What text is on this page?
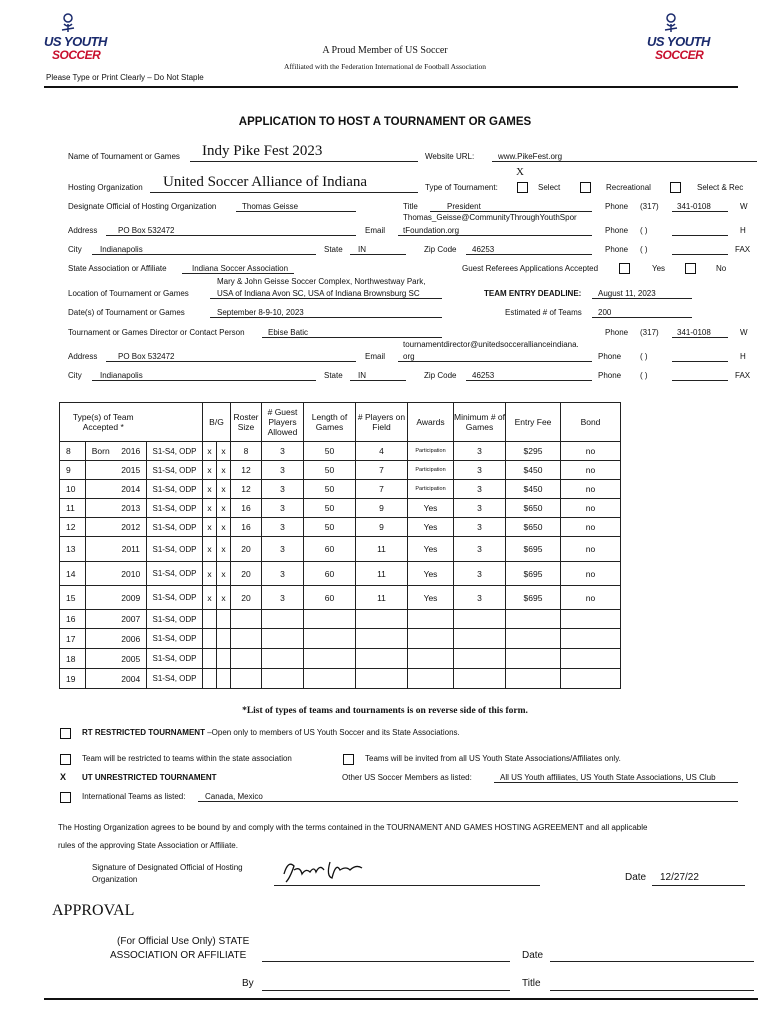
US YOUTH
SOCCER
US YOUTH
SOCCER
A Proud Member of US Soccer
Affiliated with the Federation International de Football Association
Please Type or Print Clearly – Do Not Staple
APPLICATION TO HOST A TOURNAMENT OR GAMES
Name of Tournament or Games Indy Pike Fest 2023	Website URL:	www.PikeFest.org
Hosting Organization United Soccer Alliance of Indiana	Type of Tournament:
X
Select	Recreational	Select & Rec
Designate Official of Hosting Organization	Thomas Geisse	Title	President	Phone (317) 341-0108	W
Thomas_Geisse@CommunityThroughYouthSpor
Address	PO Box 532472	Email tFoundation.org	Phone ( )	H
City Indianapolis	State IN	Zip Code 46253	Phone ( )	FAX
State Association or Affiliate	Indiana Soccer Association	Guest Referees Applications Accepted	Yes	No
Mary & John Geisse Soccer Complex, Northwestway Park,
Location of Tournament or Games	USA of Indiana Avon SC, USA of Indiana Brownsburg SC	TEAM ENTRY DEADLINE: August 11, 2023
Date(s) of Tournament or Games	September 8-9-10, 2023	Estimated # of Teams 200
Tournament or Games Director or Contact Person	Ebise Batic	Phone (317) 341-0108	W
tournamentdirector@unitedsoccerallianceindiana.
Address	PO Box 532472	Email org	Phone ( )	H
City Indianapolis	State IN	Zip Code 46253	Phone ( )	FAX
Type(s) of Team Accepted *				B/G		Roster Size	# Guest Players Allowed	Length of Games	# Players on Field	Awards	Minimum # of Games	Entry Fee	Bond
8	Born	2016	S1-S4, ODP	x	x	8	3	50	4	Participation	3	$295	no
9		2015	S1-S4, ODP	x	x	12	3	50	7	Participation	3	$450	no
10		2014	S1-S4, ODP	x	x	12	3	50	7	Participation	3	$450	no
11		2013	S1-S4, ODP	x	x	16	3	50	9	Yes	3	$650	no
12		2012	S1-S4, ODP	x	x	16	3	50	9	Yes	3	$650	no
13		2011	S1-S4, ODP	x	x	20	3	60	11	Yes	3	$695	no
14		2010	S1-S4, ODP	x	x	20	3	60	11	Yes	3	$695	no
15		2009	S1-S4, ODP	x	x	20	3	60	11	Yes	3	$695	no
16		2007	S1-S4, ODP										
17		2006	S1-S4, ODP										
18		2005	S1-S4, ODP										
19		2004	S1-S4, ODP										
*List of types of teams and tournaments is on reverse side of this form.
RT RESTRICTED TOURNAMENT –Open only to members of US Youth Soccer and its State Associations.
Team will be restricted to teams within the state association	Teams will be invited from all US Youth State Associations/Affiliates only.
X UT UNRESTRICTED TOURNAMENT	Other US Soccer Members as listed:	All US Youth affiliates, US Youth State Associations, US Club
International Teams as listed: Canada, Mexico
The Hosting Organization agrees to be bound by and comply with the terms contained in the TOURNAMENT AND GAMES HOSTING AGREEMENT and all applicable
rules of the approving State Association or Affiliate.
Signature of Designated Official of Hosting
Organization	Date 12/27/22
APPROVAL
(For Official Use Only) STATE
ASSOCIATION OR AFFILIATE	Date
By	Title
